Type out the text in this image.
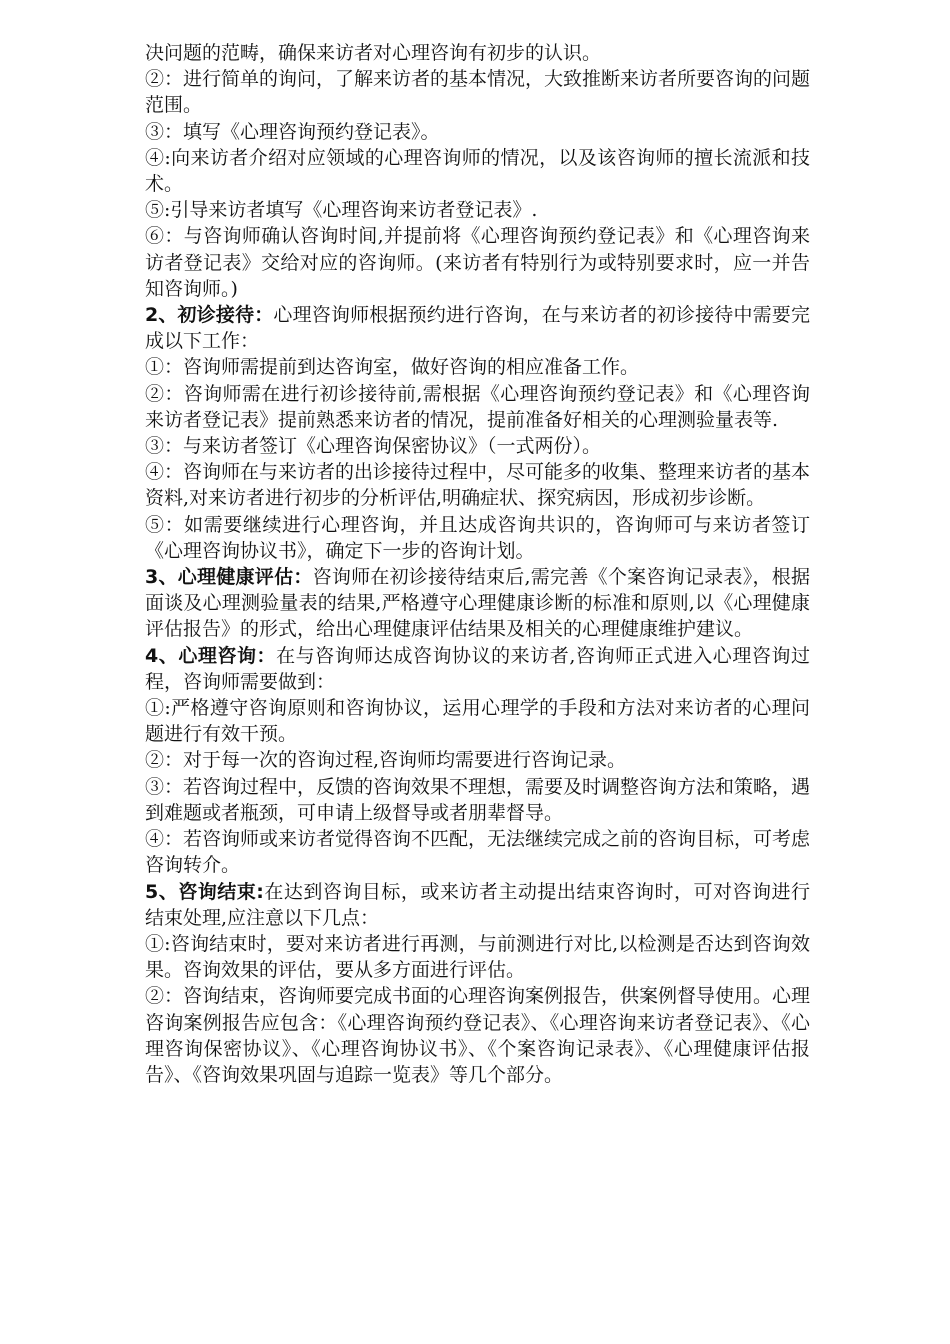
决问题的范畴，确保来访者对心理咨询有初步的认识。

②：进行简单的询问，了解来访者的基本情况，大致推断来访者所要咨询的问题范围。

③：填写《心理咨询预约登记表》。

④:向来访者介绍对应领域的心理咨询师的情况，以及该咨询师的擅长流派和技术。

⑤:引导来访者填写《心理咨询来访者登记表》.

⑥：与咨询师确认咨询时间,并提前将《心理咨询预约登记表》和《心理咨询来访者登记表》交给对应的咨询师。(来访者有特别行为或特别要求时，应一并告知咨询师。)

2、初诊接待：心理咨询师根据预约进行咨询，在与来访者的初诊接待中需要完成以下工作：

①：咨询师需提前到达咨询室，做好咨询的相应准备工作。

②：咨询师需在进行初诊接待前,需根据《心理咨询预约登记表》和《心理咨询来访者登记表》提前熟悉来访者的情况，提前准备好相关的心理测验量表等.

③：与来访者签订《心理咨询保密协议》（一式两份）。

④：咨询师在与来访者的出诊接待过程中，尽可能多的收集、整理来访者的基本资料,对来访者进行初步的分析评估,明确症状、探究病因，形成初步诊断。

⑤：如需要继续进行心理咨询，并且达成咨询共识的，咨询师可与来访者签订《心理咨询协议书》，确定下一步的咨询计划。

3、心理健康评估：咨询师在初诊接待结束后,需完善《个案咨询记录表》，根据面谈及心理测验量表的结果,严格遵守心理健康诊断的标准和原则,以《心理健康评估报告》的形式，给出心理健康评估结果及相关的心理健康维护建议。

4、心理咨询：在与咨询师达成咨询协议的来访者,咨询师正式进入心理咨询过程，咨询师需要做到：

①:严格遵守咨询原则和咨询协议，运用心理学的手段和方法对来访者的心理问题进行有效干预。

②：对于每一次的咨询过程,咨询师均需要进行咨询记录。

③：若咨询过程中，反馈的咨询效果不理想，需要及时调整咨询方法和策略，遇到难题或者瓶颈，可申请上级督导或者朋辈督导。

④：若咨询师或来访者觉得咨询不匹配，无法继续完成之前的咨询目标，可考虑咨询转介。

5、咨询结束:在达到咨询目标，或来访者主动提出结束咨询时，可对咨询进行结束处理,应注意以下几点：

①:咨询结束时，要对来访者进行再测，与前测进行对比,以检测是否达到咨询效果。咨询效果的评估，要从多方面进行评估。

②：咨询结束，咨询师要完成书面的心理咨询案例报告，供案例督导使用。心理咨询案例报告应包含：《心理咨询预约登记表》、《心理咨询来访者登记表》、《心理咨询保密协议》、《心理咨询协议书》、《个案咨询记录表》、《心理健康评估报告》、《咨询效果巩固与追踪一览表》等几个部分。
